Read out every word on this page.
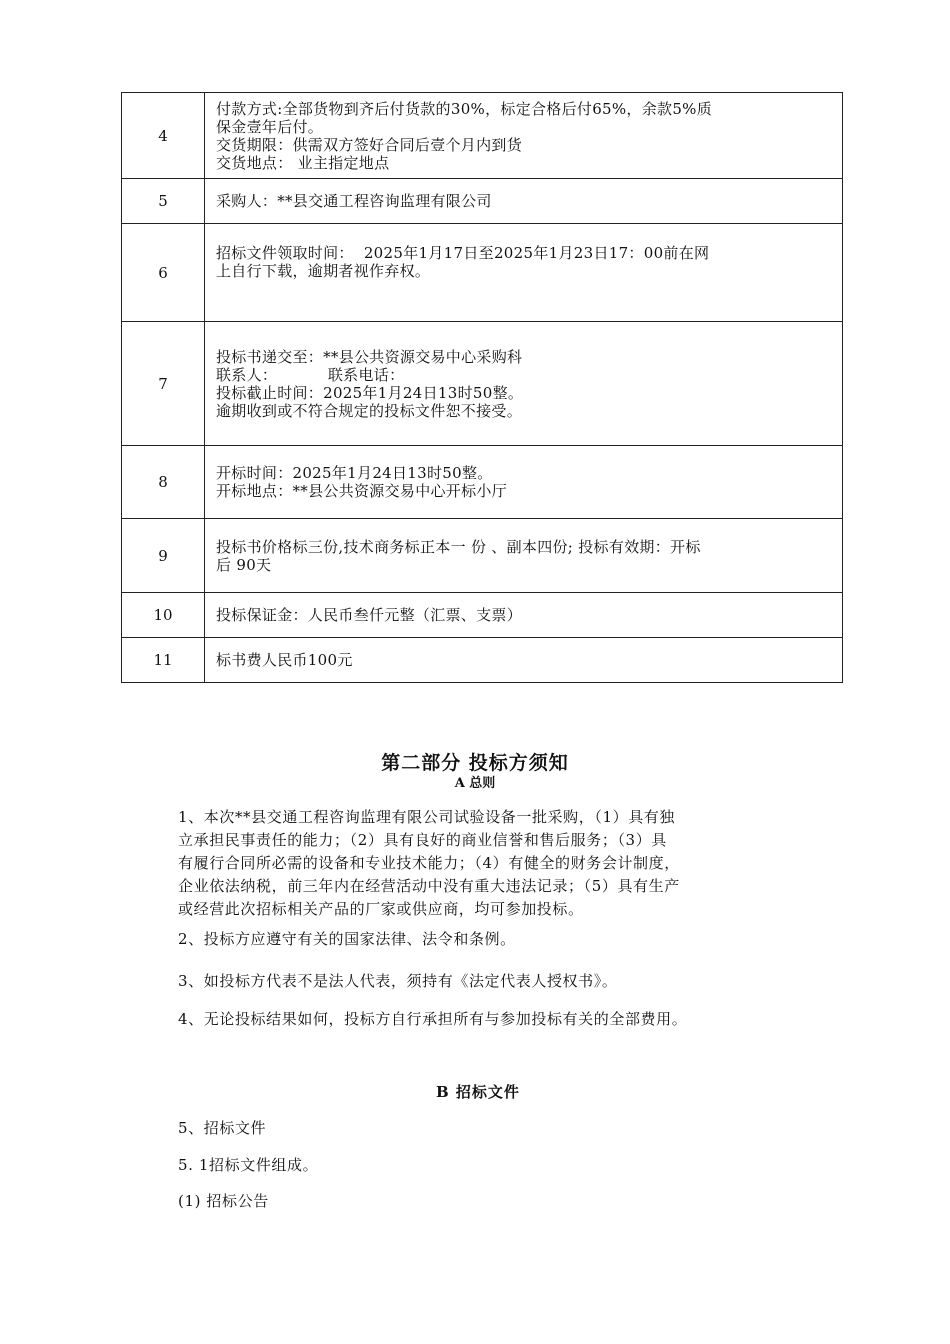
4	付款方式:全部货物到齐后付货款的30%，标定合格后付65%，余款5%质
保金壹年后付。
交货期限：供需双方签好合同后壹个月内到货
交货地点： 业主指定地点

5	采购人：**县交通工程咨询监理有限公司

6	招标文件领取时间：  2025年1月17日至2025年1月23日17：00前在网
上自行下载，逾期者视作弃权。

7	投标书递交至：**县公共资源交易中心采购科
联系人：          联系电话：
投标截止时间：2025年1月24日13时50整。
逾期收到或不符合规定的投标文件恕不接受。

8	开标时间：2025年1月24日13时50整。
开标地点：**县公共资源交易中心开标小厅

9	投标书价格标三份,技术商务标正本一 份 、副本四份; 投标有效期：开标
后 90天

10	投标保证金：人民币叁仟元整（汇票、支票）

11	标书费人民币100元
第二部分 投标方须知
A 总则
1、本次**县交通工程咨询监理有限公司试验设备一批采购，（1）具有独
立承担民事责任的能力；（2）具有良好的商业信誉和售后服务；（3）具
有履行合同所必需的设备和专业技术能力；（4）有健全的财务会计制度，
企业依法纳税，前三年内在经营活动中没有重大违法记录；（5）具有生产
或经营此次招标相关产品的厂家或供应商，均可参加投标。
2、投标方应遵守有关的国家法律、法令和条例。
3、如投标方代表不是法人代表，须持有《法定代表人授权书》。
4、无论投标结果如何，投标方自行承担所有与参加投标有关的全部费用。
B 招标文件
5、招标文件
5. 1招标文件组成。
(1) 招标公告
